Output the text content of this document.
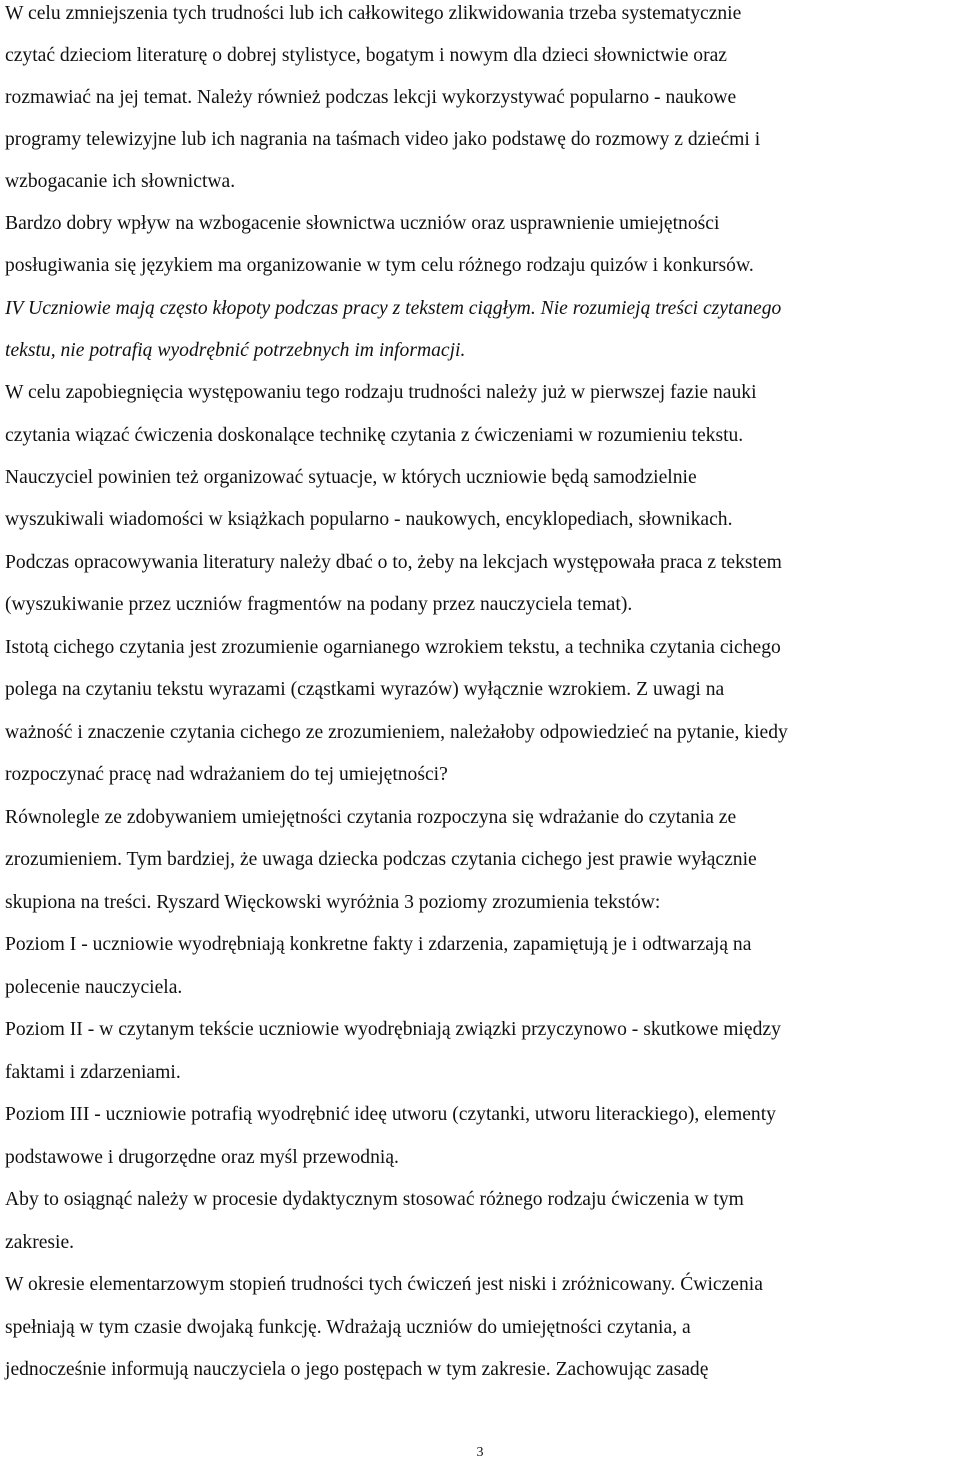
W celu zmniejszenia tych trudności lub ich całkowitego zlikwidowania trzeba systematycznie
czytać dzieciom literaturę o dobrej stylistyce, bogatym i nowym dla dzieci słownictwie oraz
rozmawiać na jej temat. Należy również podczas lekcji wykorzystywać popularno - naukowe
programy telewizyjne lub ich nagrania na taśmach video jako podstawę do rozmowy z dziećmi i
wzbogacanie ich słownictwa.
Bardzo dobry wpływ na wzbogacenie słownictwa uczniów oraz usprawnienie umiejętności
posługiwania się językiem ma organizowanie w tym celu różnego rodzaju quizów i konkursów.
IV Uczniowie mają często kłopoty podczas pracy z tekstem ciągłym. Nie rozumieją treści czytanego
tekstu, nie potrafią wyodrębnić potrzebnych im informacji.
W celu zapobiegnięcia występowaniu tego rodzaju trudności należy już w pierwszej fazie nauki
czytania wiązać ćwiczenia doskonalące technikę czytania z ćwiczeniami w rozumieniu tekstu.
Nauczyciel powinien też organizować sytuacje, w których uczniowie będą samodzielnie
wyszukiwali wiadomości w książkach popularno - naukowych, encyklopediach, słownikach.
Podczas opracowywania literatury należy dbać o to, żeby na lekcjach występowała praca z tekstem
(wyszukiwanie przez uczniów fragmentów na podany przez nauczyciela temat).
Istotą cichego czytania jest zrozumienie ogarnianego wzrokiem tekstu, a technika czytania cichego
polega na czytaniu tekstu wyrazami (cząstkami wyrazów) wyłącznie wzrokiem. Z uwagi na
ważność i znaczenie czytania cichego ze zrozumieniem, należałoby odpowiedzieć na pytanie, kiedy
rozpoczynać pracę nad wdrażaniem do tej umiejętności?
Równolegle ze zdobywaniem umiejętności czytania rozpoczyna się wdrażanie do czytania ze
zrozumieniem. Tym bardziej, że uwaga dziecka podczas czytania cichego jest prawie wyłącznie
skupiona na treści. Ryszard Więckowski wyróżnia 3 poziomy zrozumienia tekstów:
Poziom I - uczniowie wyodrębniają konkretne fakty i zdarzenia, zapamiętują je i odtwarzają na
polecenie nauczyciela.
Poziom II - w czytanym tekście uczniowie wyodrębniają związki przyczynowo - skutkowe między
faktami i zdarzeniami.
Poziom III - uczniowie potrafią wyodrębnić ideę utworu (czytanki, utworu literackiego), elementy
podstawowe i drugorzędne oraz myśl przewodnią.
Aby to osiągnąć należy w procesie dydaktycznym stosować różnego rodzaju ćwiczenia w tym
zakresie.
W okresie elementarzowym stopień trudności tych ćwiczeń jest niski i zróżnicowany. Ćwiczenia
spełniają w tym czasie dwojaką funkcję. Wdrażają uczniów do umiejętności czytania, a
jednocześnie informują nauczyciela o jego postępach w tym zakresie. Zachowując zasadę
3
